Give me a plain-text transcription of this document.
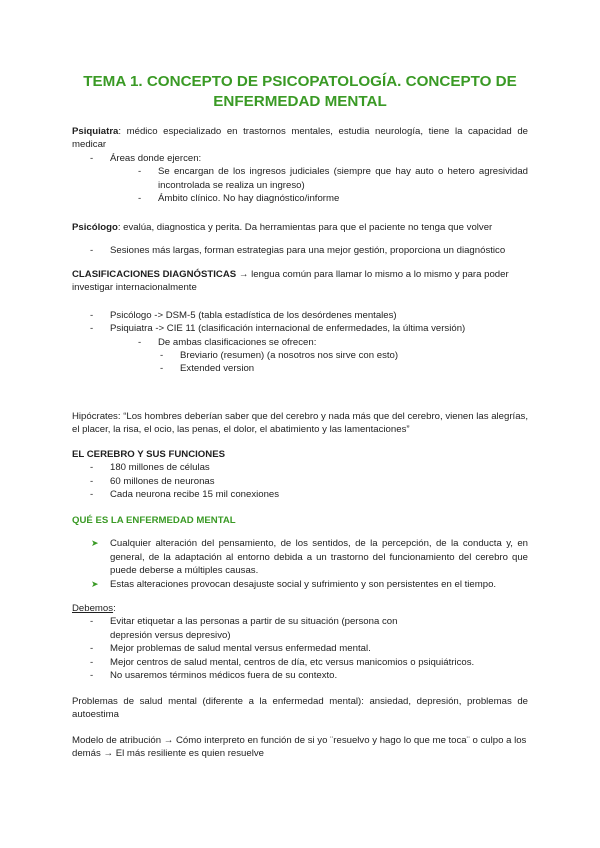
TEMA 1. CONCEPTO DE PSICOPATOLOGÍA. CONCEPTO DE ENFERMEDAD MENTAL
Psiquiatra: médico especializado en trastornos mentales, estudia neurología, tiene la capacidad de medicar
- Áreas donde ejercen:
- Se encargan de los ingresos judiciales (siempre que hay auto o hetero agresividad incontrolada se realiza un ingreso)
- Ámbito clínico. No hay diagnóstico/informe
Psicólogo: evalúa, diagnostica y perita. Da herramientas para que el paciente no tenga que volver
- Sesiones más largas, forman estrategias para una mejor gestión, proporciona un diagnóstico
CLASIFICACIONES DIAGNÓSTICAS → lengua común para llamar lo mismo a lo mismo y para poder investigar internacionalmente
- Psicólogo -> DSM-5 (tabla estadística de los desórdenes mentales)
- Psiquiatra -> CIE 11 (clasificación internacional de enfermedades, la última versión)
- De ambas clasificaciones se ofrecen:
- Breviario (resumen) (a nosotros nos sirve con esto)
- Extended version
Hipócrates: “Los hombres deberían saber que del cerebro y nada más que del cerebro, vienen las alegrías, el placer, la risa, el ocio, las penas, el dolor, el abatimiento y las lamentaciones”
EL CEREBRO Y SUS FUNCIONES
- 180 millones de células
- 60 millones de neuronas
- Cada neurona recibe 15 mil conexiones
QUÉ ES LA ENFERMEDAD MENTAL
➤ Cualquier alteración del pensamiento, de los sentidos, de la percepción, de la conducta y, en general, de la adaptación al entorno debida a un trastorno del funcionamiento del cerebro que puede deberse a múltiples causas.
➤ Estas alteraciones provocan desajuste social y sufrimiento y son persistentes en el tiempo.
Debemos:
- Evitar etiquetar a las personas a partir de su situación (persona con depresión versus depresivo)
- Mejor problemas de salud mental versus enfermedad mental.
- Mejor centros de salud mental, centros de día, etc versus manicomios o psiquiátricos.
- No usaremos términos médicos fuera de su contexto.
Problemas de salud mental (diferente a la enfermedad mental): ansiedad, depresión, problemas de autoestima
Modelo de atribución → Cómo interpreto en función de si yo ¨resuelvo y hago lo que me toca¨ o culpo a los demás → El más resiliente es quien resuelve
